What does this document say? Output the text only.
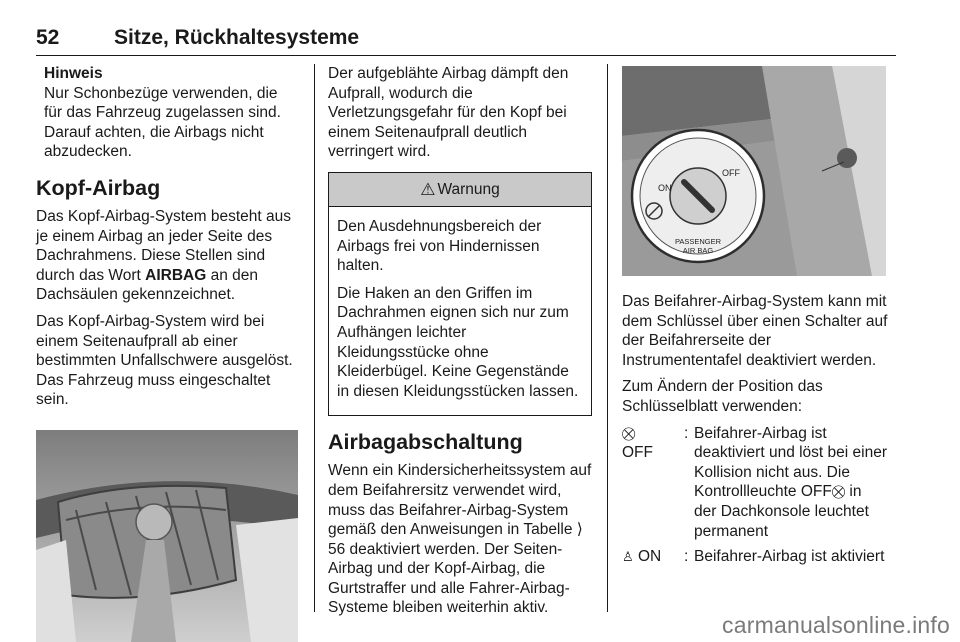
52	Sitze, Rückhaltesysteme
Hinweis

Nur Schonbezüge verwenden, die für das Fahrzeug zugelassen sind. Darauf achten, die Airbags nicht abzudecken.

Kopf-Airbag

Das Kopf-Airbag-System besteht aus je einem Airbag an jeder Seite des Dachrahmens. Diese Stellen sind durch das Wort AIRBAG an den Dachsäulen gekennzeichnet.

Das Kopf-Airbag-System wird bei einem Seitenaufprall ab einer bestimmten Unfallschwere ausgelöst. Das Fahrzeug muss eingeschaltet sein.

Der aufgeblähte Airbag dämpft den Aufprall, wodurch die Verletzungsgefahr für den Kopf bei einem Seitenaufprall deutlich verringert wird.

⚠ Warnung

Den Ausdehnungsbereich der Airbags frei von Hindernissen halten.

Die Haken an den Griffen im Dachrahmen eignen sich nur zum Aufhängen leichter Kleidungsstücke ohne Kleiderbügel. Keine Gegenstände in diesen Kleidungsstücken lassen.

Airbagabschaltung

Wenn ein Kindersicherheitssystem auf dem Beifahrersitz verwendet wird, muss das Beifahrer-Airbag-System gemäß den Anweisungen in Tabelle ⟩ 56 deaktiviert werden. Der Seiten-Airbag und der Kopf-Airbag, die Gurtstraffer und alle Fahrer-Airbag-Systeme bleiben weiterhin aktiv.

ON
OFF
PASSENGER
AIR BAG

Das Beifahrer-Airbag-System kann mit dem Schlüssel über einen Schalter auf der Beifahrerseite der Instrumententafel deaktiviert werden.

Zum Ändern der Position das Schlüsselblatt verwenden:

⛒
OFF
: Beifahrer-Airbag ist deaktiviert und löst bei einer Kollision nicht aus. Die Kontrollleuchte OFF⛒ in der Dachkonsole leuchtet permanent
♙ ON	: Beifahrer-Airbag ist aktiviert
carmanualsonline.info
